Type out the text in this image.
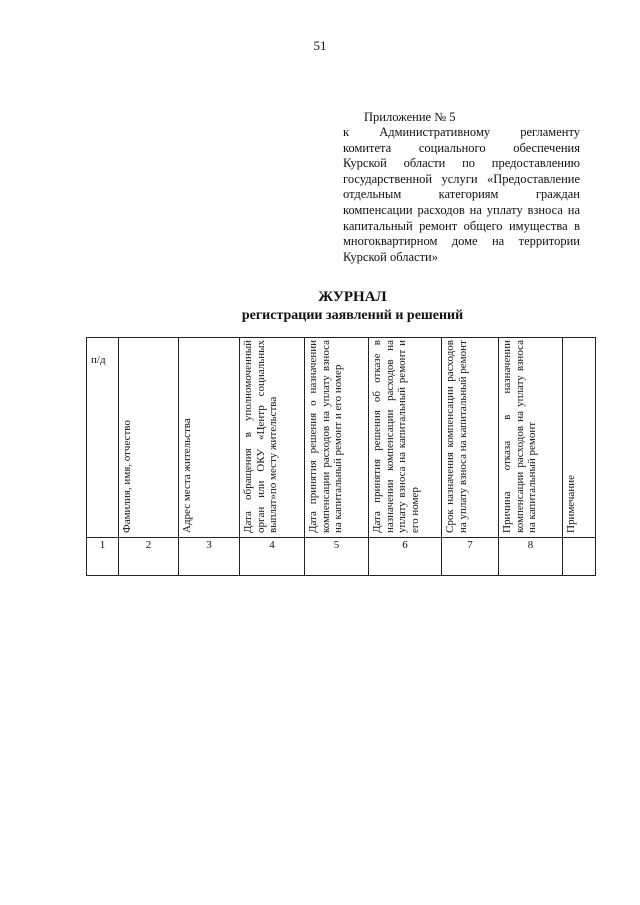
51
Приложение № 5
к Административному регламенту
комитета социального обеспечения
Курской области по предоставлению
государственной услуги «Предоставление
отдельным категориям граждан
компенсации расходов на уплату взноса на
капитальный ремонт общего имущества в
многоквартирном доме на территории
Курской области»
ЖУРНАЛ
регистрации заявлений и решений
п/д	Фамилия, имя, отчество	Адрес места жительства	Дата обращения в уполномоченный орган или ОКУ «Центр социальных выплат»по месту жительства	Дата принятия решения о назначении компенсации расходов на уплату взноса на капитальный ремонт и его номер	Дата принятия решения об отказе в назначении компенсации расходов на уплату взноса на капитальный ремонт и его номер	Срок назначения компенсации расходов на уплату взноса на капитальный ремонт	Причина отказа в назначении компенсации расходов на уплату взноса на капитальный ремонт	Примечание

1	2	3	4	5	6	7	8	
